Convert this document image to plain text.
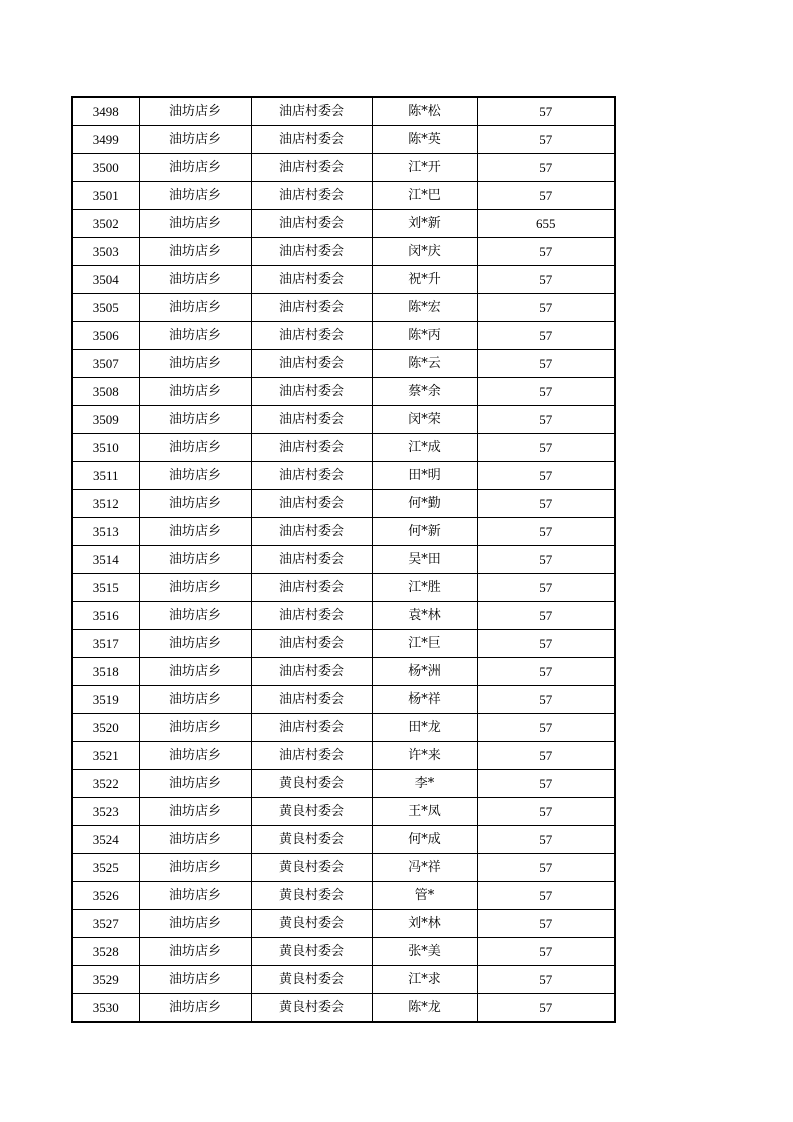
3498	油坊店乡	油店村委会	陈*松	57
3499	油坊店乡	油店村委会	陈*英	57
3500	油坊店乡	油店村委会	江*开	57
3501	油坊店乡	油店村委会	江*巴	57
3502	油坊店乡	油店村委会	刘*新	655
3503	油坊店乡	油店村委会	闵*庆	57
3504	油坊店乡	油店村委会	祝*升	57
3505	油坊店乡	油店村委会	陈*宏	57
3506	油坊店乡	油店村委会	陈*丙	57
3507	油坊店乡	油店村委会	陈*云	57
3508	油坊店乡	油店村委会	蔡*余	57
3509	油坊店乡	油店村委会	闵*荣	57
3510	油坊店乡	油店村委会	江*成	57
3511	油坊店乡	油店村委会	田*明	57
3512	油坊店乡	油店村委会	何*勤	57
3513	油坊店乡	油店村委会	何*新	57
3514	油坊店乡	油店村委会	吴*田	57
3515	油坊店乡	油店村委会	江*胜	57
3516	油坊店乡	油店村委会	袁*林	57
3517	油坊店乡	油店村委会	江*巨	57
3518	油坊店乡	油店村委会	杨*洲	57
3519	油坊店乡	油店村委会	杨*祥	57
3520	油坊店乡	油店村委会	田*龙	57
3521	油坊店乡	油店村委会	许*来	57
3522	油坊店乡	黄良村委会	李*	57
3523	油坊店乡	黄良村委会	王*凤	57
3524	油坊店乡	黄良村委会	何*成	57
3525	油坊店乡	黄良村委会	冯*祥	57
3526	油坊店乡	黄良村委会	管*	57
3527	油坊店乡	黄良村委会	刘*林	57
3528	油坊店乡	黄良村委会	张*美	57
3529	油坊店乡	黄良村委会	江*求	57
3530	油坊店乡	黄良村委会	陈*龙	57
